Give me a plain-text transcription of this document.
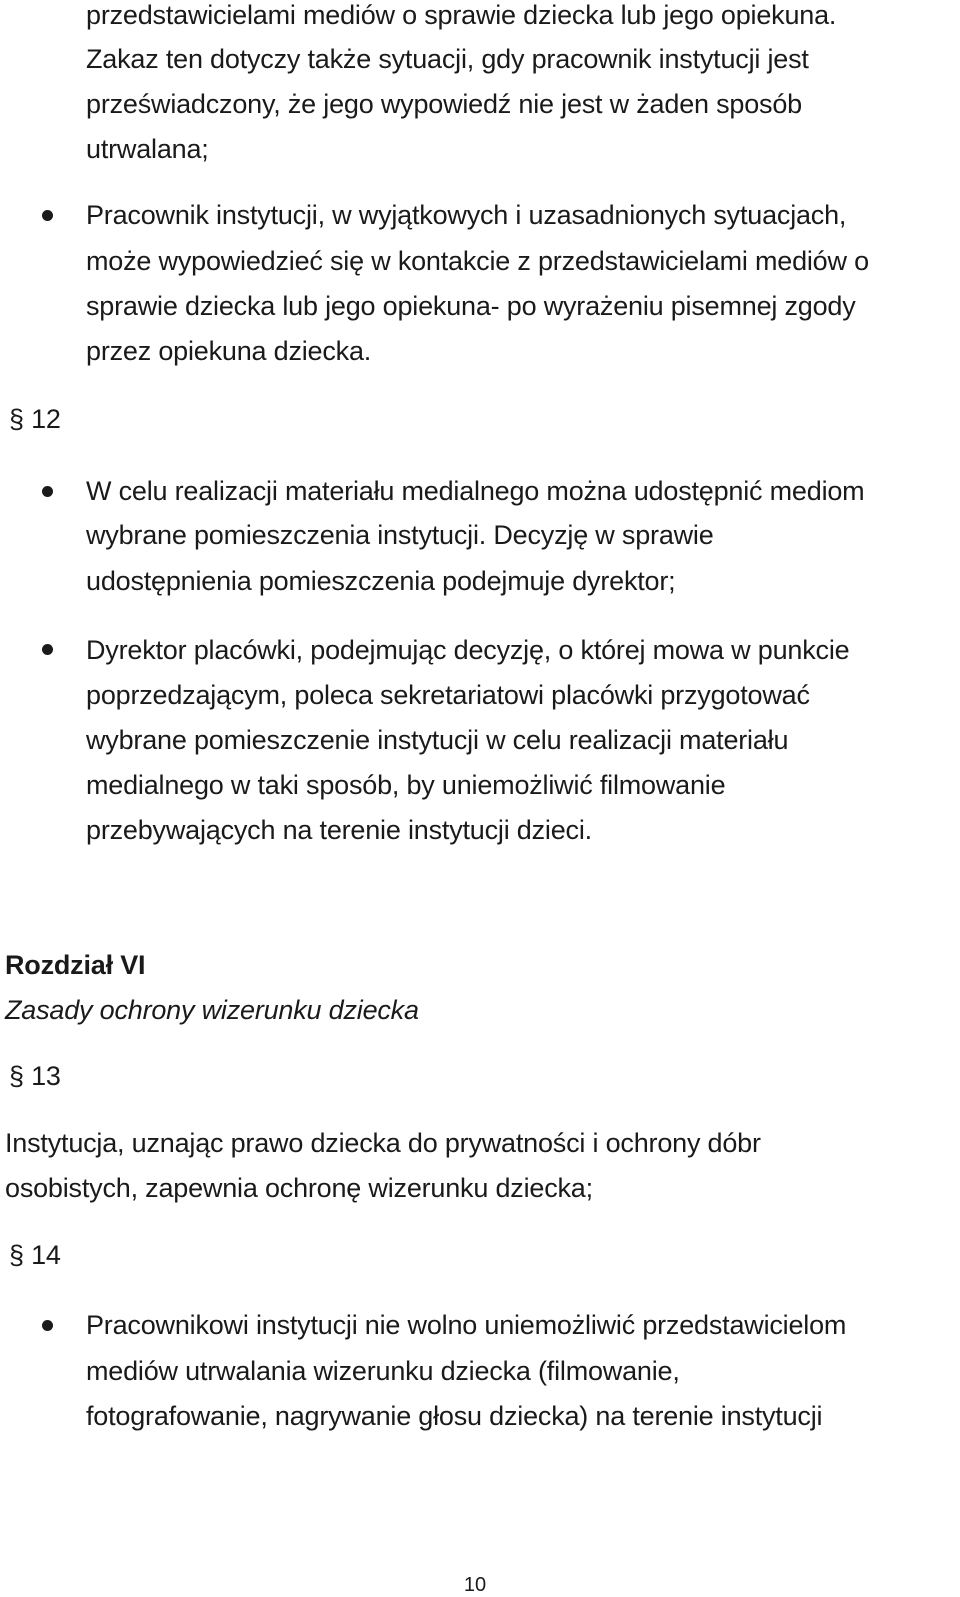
przedstawicielami mediów o sprawie dziecka lub jego opiekuna.
Zakaz ten dotyczy także sytuacji, gdy pracownik instytucji jest
przeświadczony, że jego wypowiedź nie jest w żaden sposób
utrwalana;
Pracownik instytucji, w wyjątkowych i uzasadnionych sytuacjach,
może wypowiedzieć się w kontakcie z przedstawicielami mediów o
sprawie dziecka lub jego opiekuna- po wyrażeniu pisemnej zgody
przez opiekuna dziecka.
§ 12
W celu realizacji materiału medialnego można udostępnić mediom
wybrane pomieszczenia instytucji. Decyzję w sprawie
udostępnienia pomieszczenia podejmuje dyrektor;
Dyrektor placówki, podejmując decyzję, o której mowa w punkcie
poprzedzającym, poleca sekretariatowi placówki przygotować
wybrane pomieszczenie instytucji w celu realizacji materiału
medialnego w taki sposób, by uniemożliwić filmowanie
przebywających na terenie instytucji dzieci.
Rozdział VI
Zasady ochrony wizerunku dziecka
§ 13
Instytucja, uznając prawo dziecka do prywatności i ochrony dóbr
osobistych, zapewnia ochronę wizerunku dziecka;
§ 14
Pracownikowi instytucji nie wolno uniemożliwić przedstawicielom
mediów utrwalania wizerunku dziecka (filmowanie,
fotografowanie, nagrywanie głosu dziecka) na terenie instytucji
10
